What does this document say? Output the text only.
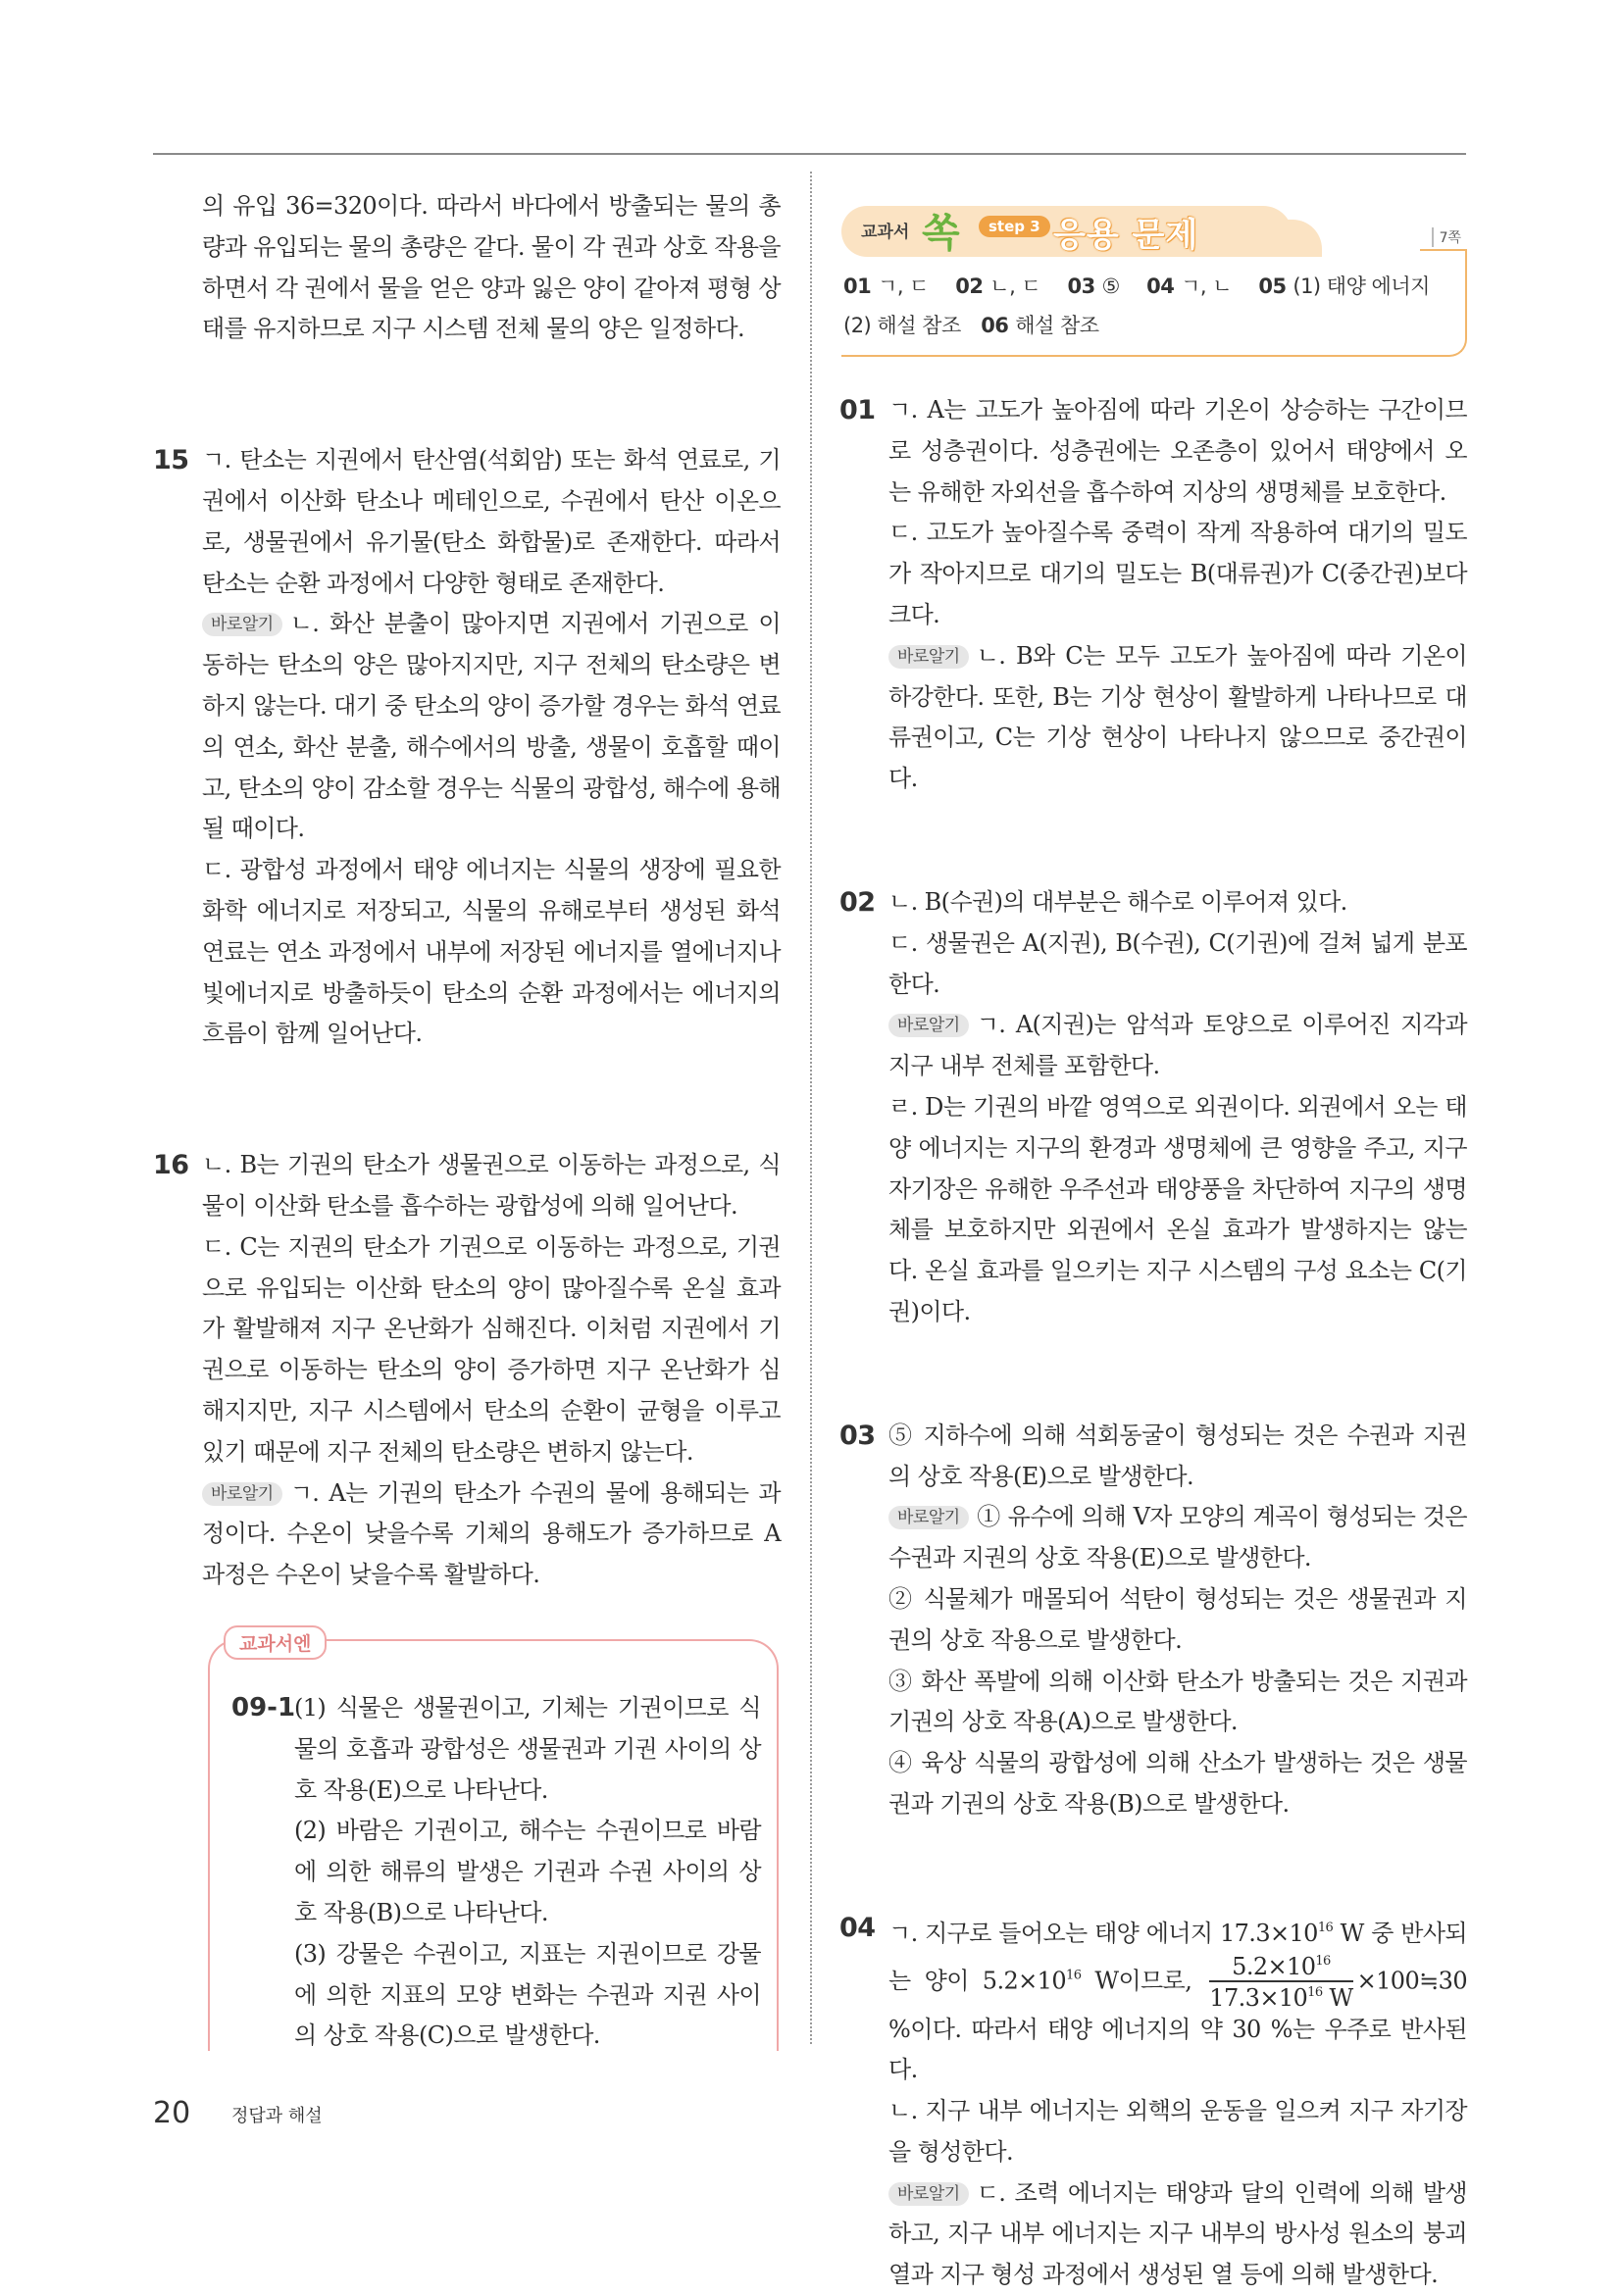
의 유입 36=320이다. 따라서 바다에서 방출되는 물의 총량과 유입되는 물의 총량은 같다. 물이 각 권과 상호 작용을 하면서 각 권에서 물을 얻은 양과 잃은 양이 같아져 평형 상태를 유지하므로 지구 시스템 전체 물의 양은 일정하다.

15 ㄱ. 탄소는 지권에서 탄산염(석회암) 또는 화석 연료로, 기권에서 이산화 탄소나 메테인으로, 수권에서 탄산 이온으로, 생물권에서 유기물(탄소 화합물)로 존재한다. 따라서 탄소는 순환 과정에서 다양한 형태로 존재한다.

바로알기 ㄴ. 화산 분출이 많아지면 지권에서 기권으로 이동하는 탄소의 양은 많아지지만, 지구 전체의 탄소량은 변하지 않는다. 대기 중 탄소의 양이 증가할 경우는 화석 연료의 연소, 화산 분출, 해수에서의 방출, 생물이 호흡할 때이고, 탄소의 양이 감소할 경우는 식물의 광합성, 해수에 용해될 때이다.

ㄷ. 광합성 과정에서 태양 에너지는 식물의 생장에 필요한 화학 에너지로 저장되고, 식물의 유해로부터 생성된 화석 연료는 연소 과정에서 내부에 저장된 에너지를 열에너지나 빛에너지로 방출하듯이 탄소의 순환 과정에서는 에너지의 흐름이 함께 일어난다.

16 ㄴ. B는 기권의 탄소가 생물권으로 이동하는 과정으로, 식물이 이산화 탄소를 흡수하는 광합성에 의해 일어난다.

ㄷ. C는 지권의 탄소가 기권으로 이동하는 과정으로, 기권으로 유입되는 이산화 탄소의 양이 많아질수록 온실 효과가 활발해져 지구 온난화가 심해진다. 이처럼 지권에서 기권으로 이동하는 탄소의 양이 증가하면 지구 온난화가 심해지지만, 지구 시스템에서 탄소의 순환이 균형을 이루고 있기 때문에 지구 전체의 탄소량은 변하지 않는다.

바로알기 ㄱ. A는 기권의 탄소가 수권의 물에 용해되는 과정이다. 수온이 낮을수록 기체의 용해도가 증가하므로 A 과정은 수온이 낮을수록 활발하다.

교과서엔
09-1

(1) 식물은 생물권이고, 기체는 기권이므로 식물의 호흡과 광합성은 생물권과 기권 사이의 상호 작용(E)으로 나타난다.

(2) 바람은 기권이고, 해수는 수권이므로 바람에 의한 해류의 발생은 기권과 수권 사이의 상호 작용(B)으로 나타난다.

(3) 강물은 수권이고, 지표는 지권이므로 강물에 의한 지표의 모양 변화는 수권과 지권 사이의 상호 작용(C)으로 발생한다.

교과서 쏙	step 3 응용 문제	7쪽
01 ㄱ, ㄷ 02 ㄴ, ㄷ 03 ⑤ 04 ㄱ, ㄴ 05 (1) 태양 에너지 (2) 해설 참조 06 해설 참조
01 ㄱ. A는 고도가 높아짐에 따라 기온이 상승하는 구간이므로 성층권이다. 성층권에는 오존층이 있어서 태양에서 오는 유해한 자외선을 흡수하여 지상의 생명체를 보호한다.

ㄷ. 고도가 높아질수록 중력이 작게 작용하여 대기의 밀도가 작아지므로 대기의 밀도는 B(대류권)가 C(중간권)보다 크다.

바로알기 ㄴ. B와 C는 모두 고도가 높아짐에 따라 기온이 하강한다. 또한, B는 기상 현상이 활발하게 나타나므로 대류권이고, C는 기상 현상이 나타나지 않으므로 중간권이다.

02 ㄴ. B(수권)의 대부분은 해수로 이루어져 있다.

ㄷ. 생물권은 A(지권), B(수권), C(기권)에 걸쳐 넓게 분포한다.

바로알기 ㄱ. A(지권)는 암석과 토양으로 이루어진 지각과 지구 내부 전체를 포함한다.

ㄹ. D는 기권의 바깥 영역으로 외권이다. 외권에서 오는 태양 에너지는 지구의 환경과 생명체에 큰 영향을 주고, 지구 자기장은 유해한 우주선과 태양풍을 차단하여 지구의 생명체를 보호하지만 외권에서 온실 효과가 발생하지는 않는다. 온실 효과를 일으키는 지구 시스템의 구성 요소는 C(기권)이다.

03 ⑤ 지하수에 의해 석회동굴이 형성되는 것은 수권과 지권의 상호 작용(E)으로 발생한다.

바로알기 ① 유수에 의해 V자 모양의 계곡이 형성되는 것은 수권과 지권의 상호 작용(E)으로 발생한다.

② 식물체가 매몰되어 석탄이 형성되는 것은 생물권과 지권의 상호 작용으로 발생한다.

③ 화산 폭발에 의해 이산화 탄소가 방출되는 것은 지권과 기권의 상호 작용(A)으로 발생한다.

④ 육상 식물의 광합성에 의해 산소가 발생하는 것은 생물권과 기권의 상호 작용(B)으로 발생한다.

04 ㄱ. 지구로 들어오는 태양 에너지 $17.3\times 10^{16}$ W 중 반사되는 양이 $5.2\times 10^{16}$ W이므로, $\frac{5.2\times 10^{16}}{17.3\times 10^{16} W}$ ×100≒30 %이다. 따라서 태양 에너지의 약 30 %는 우주로 반사된다.

ㄴ. 지구 내부 에너지는 외핵의 운동을 일으켜 지구 자기장을 형성한다.

바로알기 ㄷ. 조력 에너지는 태양과 달의 인력에 의해 발생하고, 지구 내부 에너지는 지구 내부의 방사성 원소의 붕괴열과 지구 형성 과정에서 생성된 열 등에 의해 발생한다.

20 정답과 해설
